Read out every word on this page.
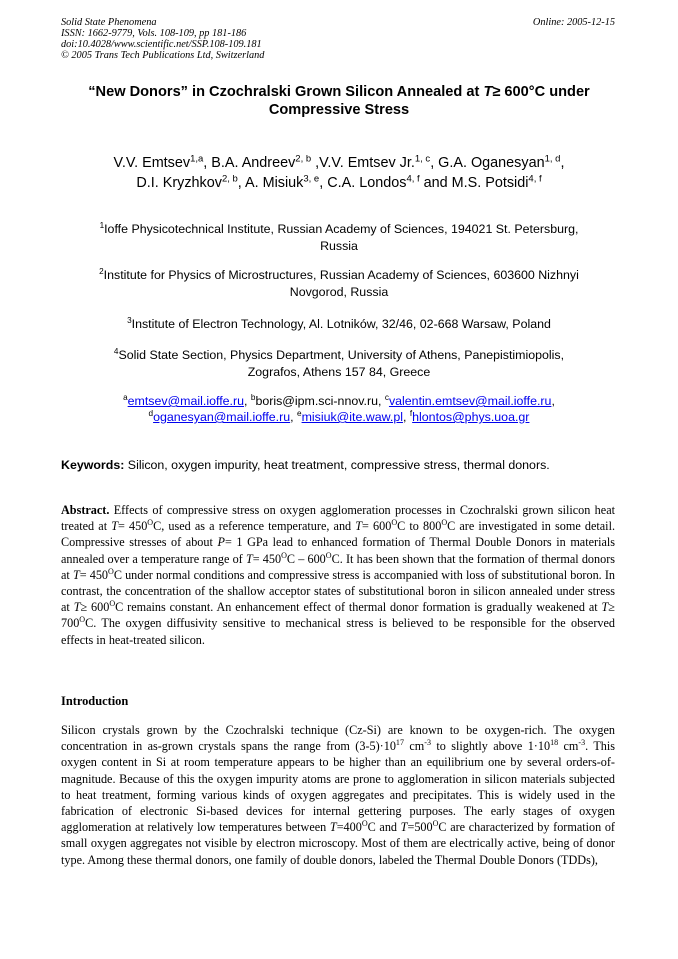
Solid State Phenomena
ISSN: 1662-9779, Vols. 108-109, pp 181-186
doi:10.4028/www.scientific.net/SSP.108-109.181
© 2005 Trans Tech Publications Ltd, Switzerland
Online: 2005-12-15
“New Donors” in Czochralski Grown Silicon Annealed at T≥ 600°C under
Compressive Stress
V.V. Emtsev$^{1,a}$, B.A. Andreev$^{2, b}$ ,V.V. Emtsev Jr.$^{1, c}$, G.A. Oganesyan$^{1, d}$,
D.I. Kryzhkov$^{2, b}$, A. Misiuk$^{3, e}$, C.A. Londos$^{4, f}$ and M.S. Potsidi$^{4, f}$
$^1$Ioffe Physicotechnical Institute, Russian Academy of Sciences, 194021 St. Petersburg,
Russia
$^2$Institute for Physics of Microstructures, Russian Academy of Sciences, 603600 Nizhnyi
Novgorod, Russia
$^3$Institute of Electron Technology, Al. Lotników, 32/46, 02-668 Warsaw, Poland
$^4$Solid State Section, Physics Department, University of Athens, Panepistimiopolis,
Zografos, Athens 157 84, Greece
$^a$emtsev@mail.ioffe.ru, $^b$boris@ipm.sci-nnov.ru, $^c$valentin.emtsev@mail.ioffe.ru,
$^d$oganesyan@mail.ioffe.ru, $^e$misiuk@ite.waw.pl, $^f$hlontos@phys.uoa.gr
Keywords: Silicon, oxygen impurity, heat treatment, compressive stress, thermal donors.
Abstract. Effects of compressive stress on oxygen agglomeration processes in Czochralski grown silicon heat treated at $T= 450^OC$, used as a reference temperature, and $T= 600^OC$ to $800^OC$ are investigated in some detail. Compressive stresses of about P= 1 GPa lead to enhanced formation of Thermal Double Donors in materials annealed over a temperature range of $T= 450^OC - 600^OC$. It has been shown that the formation of thermal donors at $T= 450^OC$ under normal conditions and compressive stress is accompanied with loss of substitutional boron. In contrast, the concentration of the shallow acceptor states of substitutional boron in silicon annealed under stress at $T\ge 600^OC$ remains constant. An enhancement effect of thermal donor formation is gradually weakened at $T\ge 700^OC$. The oxygen diffusivity sensitive to mechanical stress is believed to be responsible for the observed effects in heat-treated silicon.
Introduction
Silicon crystals grown by the Czochralski technique (Cz-Si) are known to be oxygen-rich. The oxygen concentration in as-grown crystals spans the range from $(3-5)\cdot 10^{17}$ $cm^{-3}$ to slightly above $1\cdot 10^{18}$ $cm^{-3}$. This oxygen content in Si at room temperature appears to be higher than an equilibrium one by several orders-of-magnitude. Because of this the oxygen impurity atoms are prone to agglomeration in silicon materials subjected to heat treatment, forming various kinds of oxygen aggregates and precipitates. This is widely used in the fabrication of electronic Si-based devices for internal gettering purposes. The early stages of oxygen agglomeration at relatively low temperatures between $T=400^OC$ and $T=500^OC$ are characterized by formation of small oxygen aggregates not visible by electron microscopy. Most of them are electrically active, being of donor type. Among these thermal donors, one family of double donors, labeled the Thermal Double Donors (TDDs),
